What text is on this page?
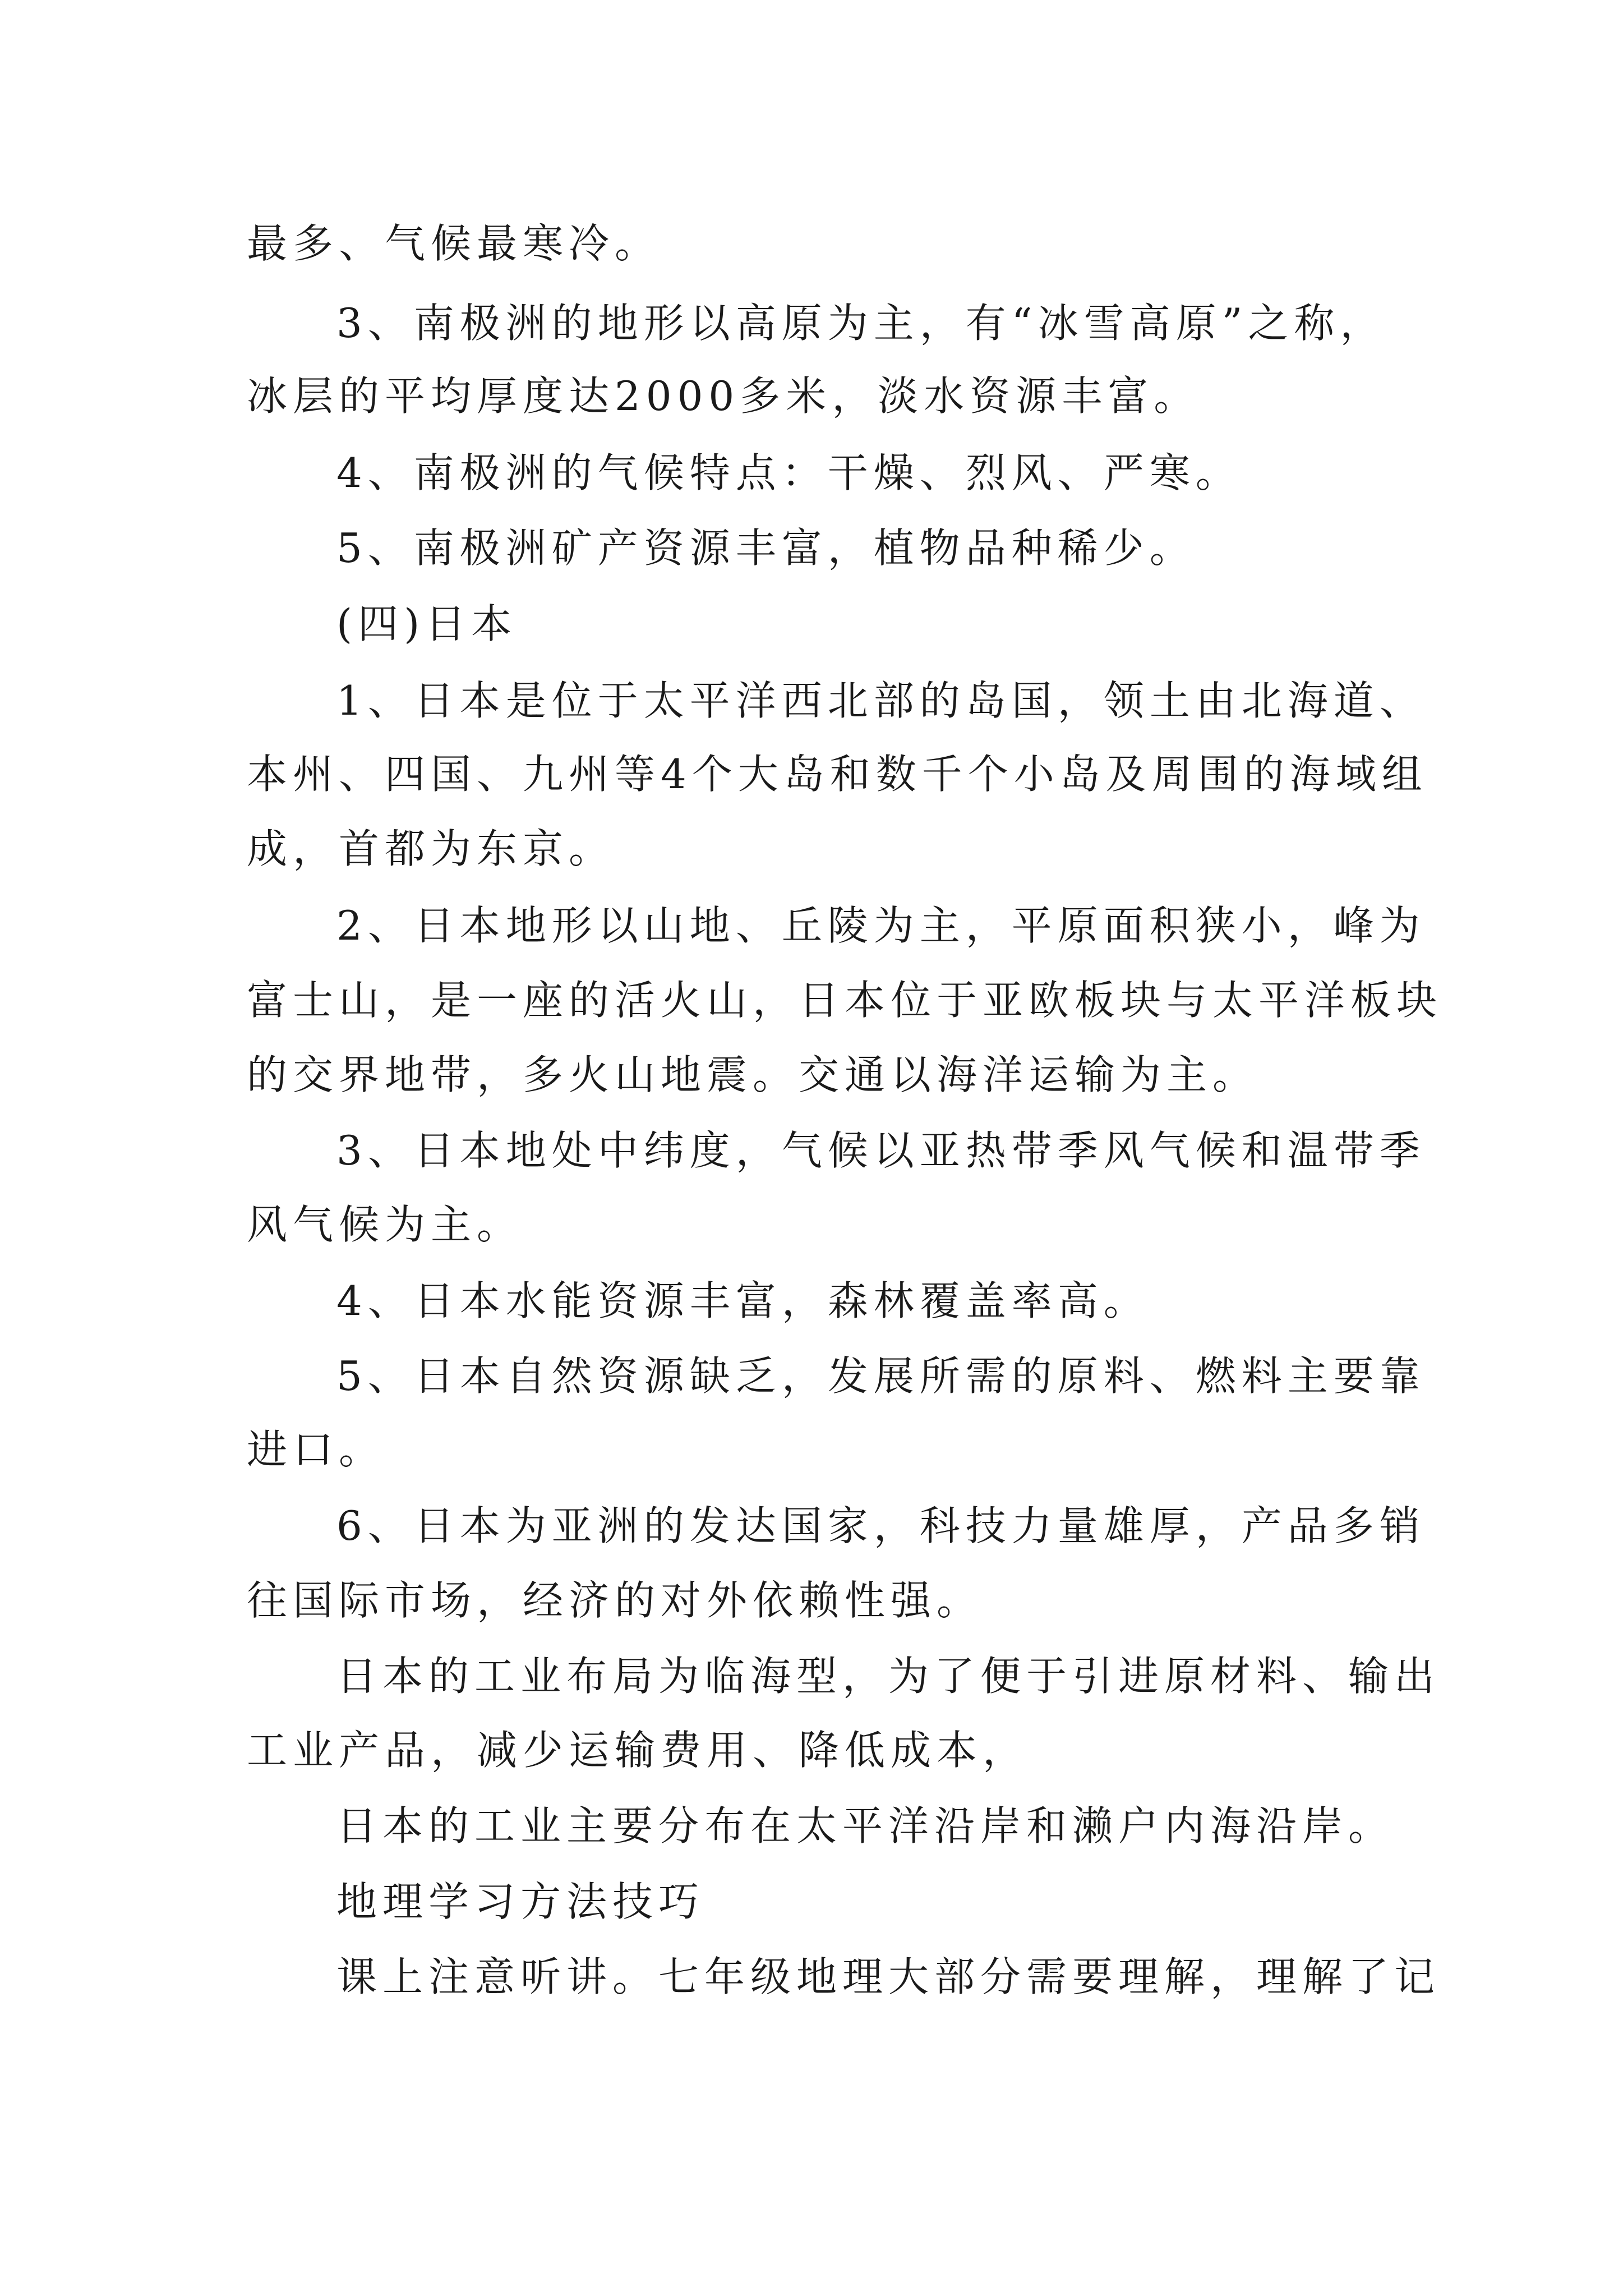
最多、气候最寒冷。
3、南极洲的地形以高原为主，有“冰雪高原”之称，
冰层的平均厚度达2000多米，淡水资源丰富。
4、南极洲的气候特点：干燥、烈风、严寒。
5、南极洲矿产资源丰富，植物品种稀少。
(四)日本
1、日本是位于太平洋西北部的岛国，领土由北海道、
本州、四国、九州等4个大岛和数千个小岛及周围的海域组
成，首都为东京。
2、日本地形以山地、丘陵为主，平原面积狭小，峰为
富士山，是一座的活火山，日本位于亚欧板块与太平洋板块
的交界地带，多火山地震。交通以海洋运输为主。
3、日本地处中纬度，气候以亚热带季风气候和温带季
风气候为主。
4、日本水能资源丰富，森林覆盖率高。
5、日本自然资源缺乏，发展所需的原料、燃料主要靠
进口。
6、日本为亚洲的发达国家，科技力量雄厚，产品多销
往国际市场，经济的对外依赖性强。
日本的工业布局为临海型，为了便于引进原材料、输出
工业产品，减少运输费用、降低成本，
日本的工业主要分布在太平洋沿岸和濑户内海沿岸。
地理学习方法技巧
课上注意听讲。七年级地理大部分需要理解，理解了记
